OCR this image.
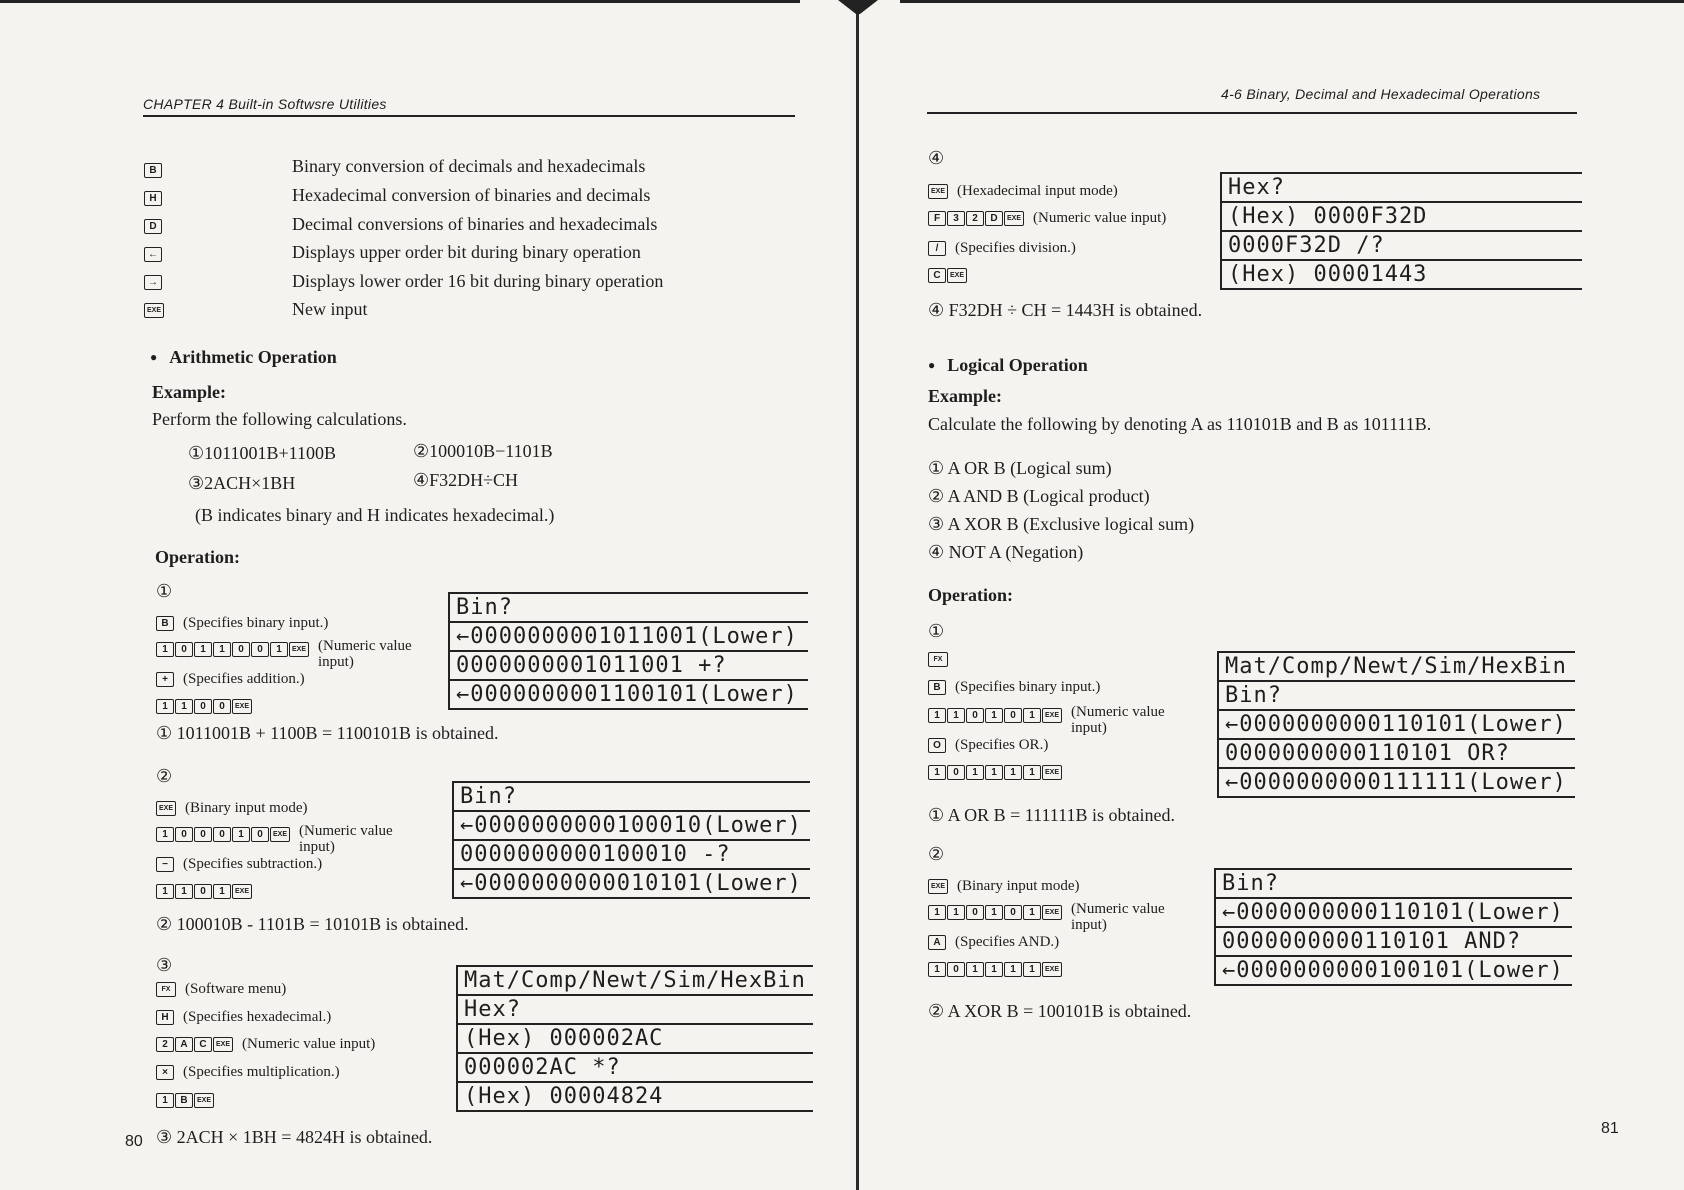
CHAPTER 4 Built-in Softwsre Utilities
B	Binary conversion of decimals and hexadecimals
H	Hexadecimal conversion of binaries and decimals
D	Decimal conversions of binaries and hexadecimals
←	Displays upper order bit during binary operation
→	Displays lower order 16 bit during binary operation
EXE	New input
● Arithmetic Operation
Example:
Perform the following calculations.
①1011001B+1100B	②100010B−1101B
③2ACH×1BH	④F32DH÷CH
(B indicates binary and H indicates hexadecimal.)
Operation:
①
B (Specifies binary input.)
1 0 1 1 0 0 1 EXE (Numeric value input)
+ (Specifies addition.)
1 1 0 0 EXE
Bin?
←0000000001011001(Lower)
0000000001011001 +?
←0000000001100101(Lower)
① 1011001B + 1100B = 1100101B is obtained.
②
EXE (Binary input mode)
1 0 0 0 1 0 EXE (Numeric value input)
− (Specifies subtraction.)
1 1 0 1 EXE
Bin?
←0000000000100010(Lower)
0000000000100010 -?
←0000000000010101(Lower)
② 100010B - 1101B = 10101B is obtained.
③
FX (Software menu)
H (Specifies hexadecimal.)
2 A C EXE (Numeric value input)
× (Specifies multiplication.)
1 B EXE
Mat/Comp/Newt/Sim/HexBin
Hex?
(Hex) 000002AC
000002AC *?
(Hex) 00004824
③ 2ACH × 1BH = 4824H is obtained.
80
4-6 Binary, Decimal and Hexadecimal Operations
④
EXE (Hexadecimal input mode)
F 3 2 D EXE (Numeric value input)
/ (Specifies division.)
C EXE
Hex?
(Hex) 0000F32D
0000F32D /?
(Hex) 00001443
④ F32DH ÷ CH = 1443H is obtained.
● Logical Operation
Example:
Calculate the following by denoting A as 110101B and B as 101111B.
① A OR B (Logical sum)
② A AND B (Logical product)
③ A XOR B (Exclusive logical sum)
④ NOT A (Negation)
Operation:
①
FX
B (Specifies binary input.)
1 1 0 1 0 1 EXE (Numeric value input)
O (Specifies OR.)
1 0 1 1 1 1 EXE
Mat/Comp/Newt/Sim/HexBin
Bin?
←0000000000110101(Lower)
0000000000110101 OR?
←0000000000111111(Lower)
① A OR B = 111111B is obtained.
②
EXE (Binary input mode)
1 1 0 1 0 1 EXE (Numeric value input)
A (Specifies AND.)
1 0 1 1 1 1 EXE
Bin?
←0000000000110101(Lower)
0000000000110101 AND?
←0000000000100101(Lower)
② A XOR B = 100101B is obtained.
81
